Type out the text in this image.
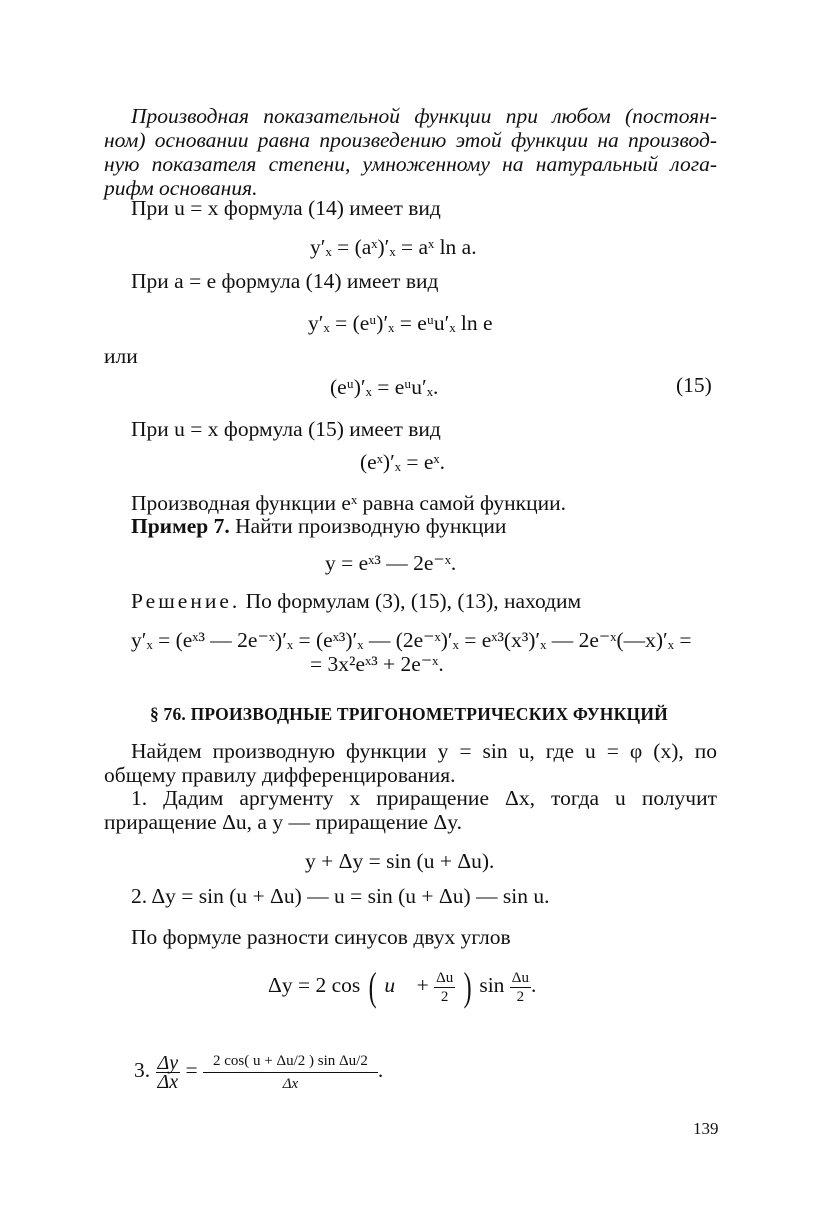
Производная показательной функции при любом (постоян-
ном) основании равна произведению этой функции на производ-
ную показателя степени, умноженному на натуральный лога-
рифм основания.
При u = x формула (14) имеет вид
y′ₓ = (aˣ)′ₓ = aˣ ln a.
При a = e формула (14) имеет вид
y′ₓ = (eᵘ)′ₓ = eᵘu′ₓ ln e
или
(eᵘ)′ₓ = eᵘu′ₓ.	(15)
При u = x формула (15) имеет вид
(eˣ)′ₓ = eˣ.
Производная функции eˣ равна самой функции.
Пример 7. Найти производную функции
y = eˣ³ — 2e⁻ˣ.
Решение. По формулам (3), (15), (13), находим
y′ₓ = (eˣ³ — 2e⁻ˣ)′ₓ = (eˣ³)′ₓ — (2e⁻ˣ)′ₓ = eˣ³(x³)′ₓ — 2e⁻ˣ(—x)′ₓ =
= 3x²eˣ³ + 2e⁻ˣ.
§ 76. ПРОИЗВОДНЫЕ ТРИГОНОМЕТРИЧЕСКИХ ФУНКЦИЙ
Найдем производную функции y = sin u, где u = φ (x), по
общему правилу дифференцирования.
1. Дадим аргументу x приращение Δx, тогда u получит
приращение Δu, а y — приращение Δy.
y + Δy = sin (u + Δu).
2. Δy = sin (u + Δu) — u = sin (u + Δu) — sin u.
По формуле разности синусов двух углов
Δy = 2 cos ( $u + \frac{\Delta u}{2}$ ) $\sin \frac{\Delta u}{2}$ .
3. $\frac{\Delta y}{\Delta x} = \frac{\text{2 cos( u + Δu/2 ) sin Δu/2}}{\Delta x}$ .
139
